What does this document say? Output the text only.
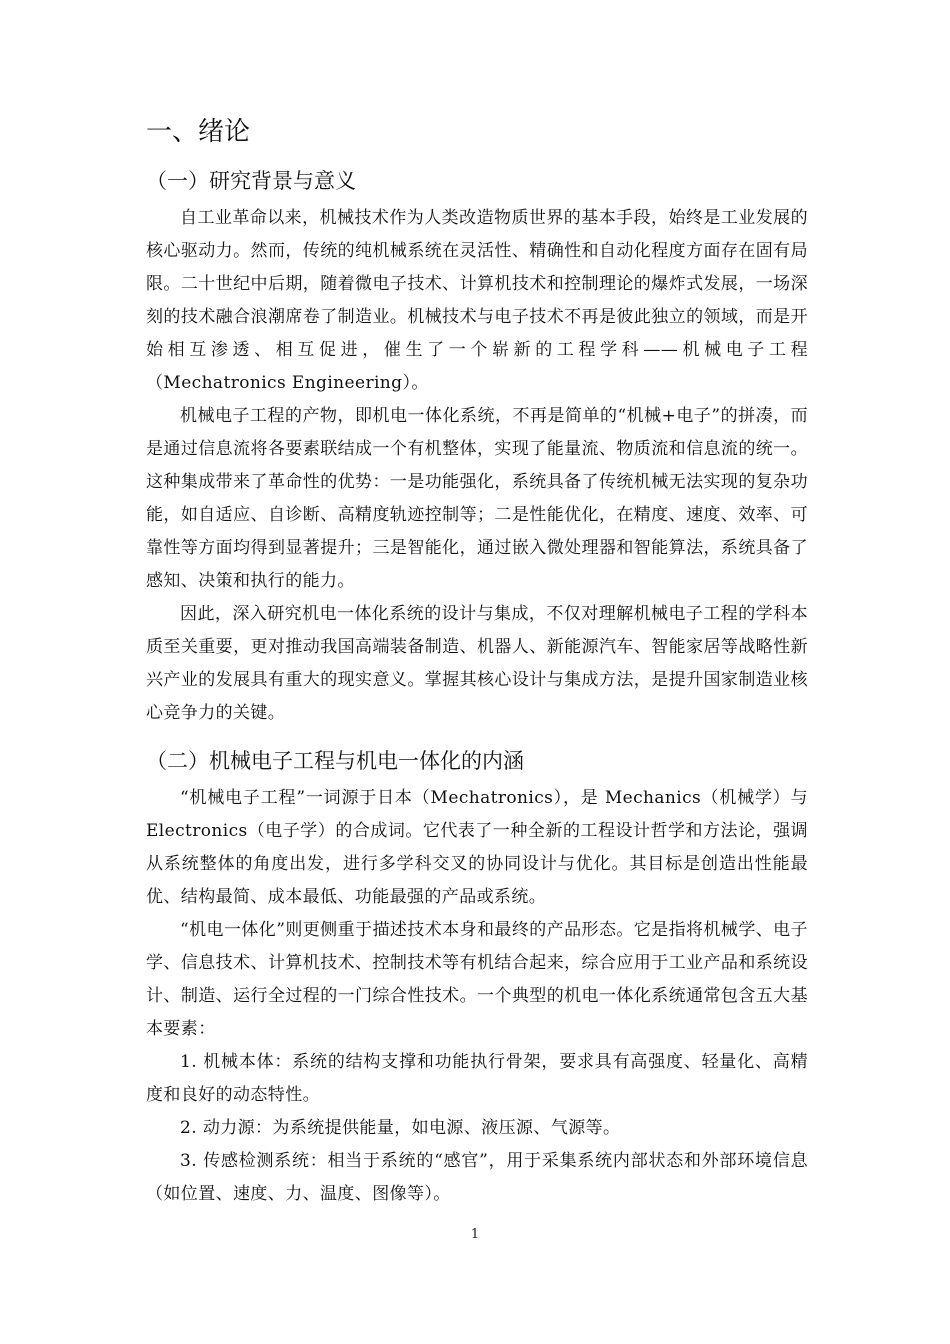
一、绪论
（一）研究背景与意义

自工业革命以来，机械技术作为人类改造物质世界的基本手段，始终是工业发展的核心驱动力。然而，传统的纯机械系统在灵活性、精确性和自动化程度方面存在固有局限。二十世纪中后期，随着微电子技术、计算机技术和控制理论的爆炸式发展，一场深刻的技术融合浪潮席卷了制造业。机械技术与电子技术不再是彼此独立的领域，而是开始相互渗透、相互促进，催生了一个崭新的工程学科——机械电子工程（Mechatronics Engineering）。

机械电子工程的产物，即机电一体化系统，不再是简单的“机械+电子”的拼凑，而是通过信息流将各要素联结成一个有机整体，实现了能量流、物质流和信息流的统一。这种集成带来了革命性的优势：一是功能强化，系统具备了传统机械无法实现的复杂功能，如自适应、自诊断、高精度轨迹控制等；二是性能优化，在精度、速度、效率、可靠性等方面均得到显著提升；三是智能化，通过嵌入微处理器和智能算法，系统具备了感知、决策和执行的能力。

因此，深入研究机电一体化系统的设计与集成，不仅对理解机械电子工程的学科本质至关重要，更对推动我国高端装备制造、机器人、新能源汽车、智能家居等战略性新兴产业的发展具有重大的现实意义。掌握其核心设计与集成方法，是提升国家制造业核心竞争力的关键。

（二）机械电子工程与机电一体化的内涵

“机械电子工程”一词源于日本（Mechatronics），是 Mechanics（机械学）与 Electronics（电子学）的合成词。它代表了一种全新的工程设计哲学和方法论，强调从系统整体的角度出发，进行多学科交叉的协同设计与优化。其目标是创造出性能最优、结构最简、成本最低、功能最强的产品或系统。

“机电一体化”则更侧重于描述技术本身和最终的产品形态。它是指将机械学、电子学、信息技术、计算机技术、控制技术等有机结合起来，综合应用于工业产品和系统设计、制造、运行全过程的一门综合性技术。一个典型的机电一体化系统通常包含五大基本要素：

1. 机械本体：系统的结构支撑和功能执行骨架，要求具有高强度、轻量化、高精度和良好的动态特性。
2. 动力源：为系统提供能量，如电源、液压源、气源等。
3. 传感检测系统：相当于系统的“感官”，用于采集系统内部状态和外部环境信息（如位置、速度、力、温度、图像等）。
1
